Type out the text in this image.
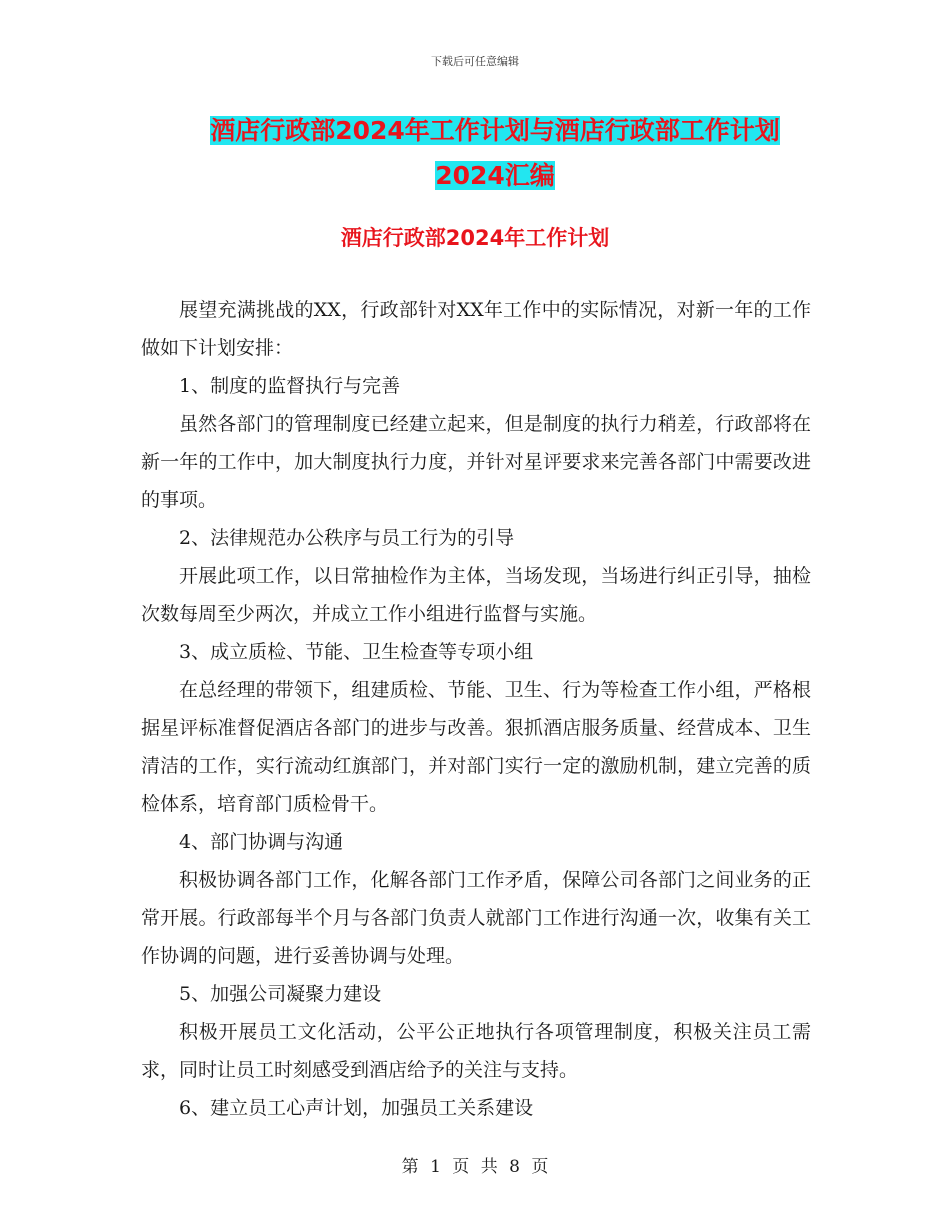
下载后可任意编辑
酒店行政部2024年工作计划与酒店行政部工作计划
2024汇编
酒店行政部2024年工作计划

展望充满挑战的XX，行政部针对XX年工作中的实际情况，对新一年的工作做如下计划安排：

1、制度的监督执行与完善

虽然各部门的管理制度已经建立起来，但是制度的执行力稍差，行政部将在新一年的工作中，加大制度执行力度，并针对星评要求来完善各部门中需要改进的事项。

2、法律规范办公秩序与员工行为的引导

开展此项工作，以日常抽检作为主体，当场发现，当场进行纠正引导，抽检次数每周至少两次，并成立工作小组进行监督与实施。

3、成立质检、节能、卫生检查等专项小组

在总经理的带领下，组建质检、节能、卫生、行为等检查工作小组，严格根据星评标准督促酒店各部门的进步与改善。狠抓酒店服务质量、经营成本、卫生清洁的工作，实行流动红旗部门，并对部门实行一定的激励机制，建立完善的质检体系，培育部门质检骨干。

4、部门协调与沟通

积极协调各部门工作，化解各部门工作矛盾，保障公司各部门之间业务的正常开展。行政部每半个月与各部门负责人就部门工作进行沟通一次，收集有关工作协调的问题，进行妥善协调与处理。

5、加强公司凝聚力建设

积极开展员工文化活动，公平公正地执行各项管理制度，积极关注员工需求，同时让员工时刻感受到酒店给予的关注与支持。

6、建立员工心声计划，加强员工关系建设

第 1 页 共 8 页
